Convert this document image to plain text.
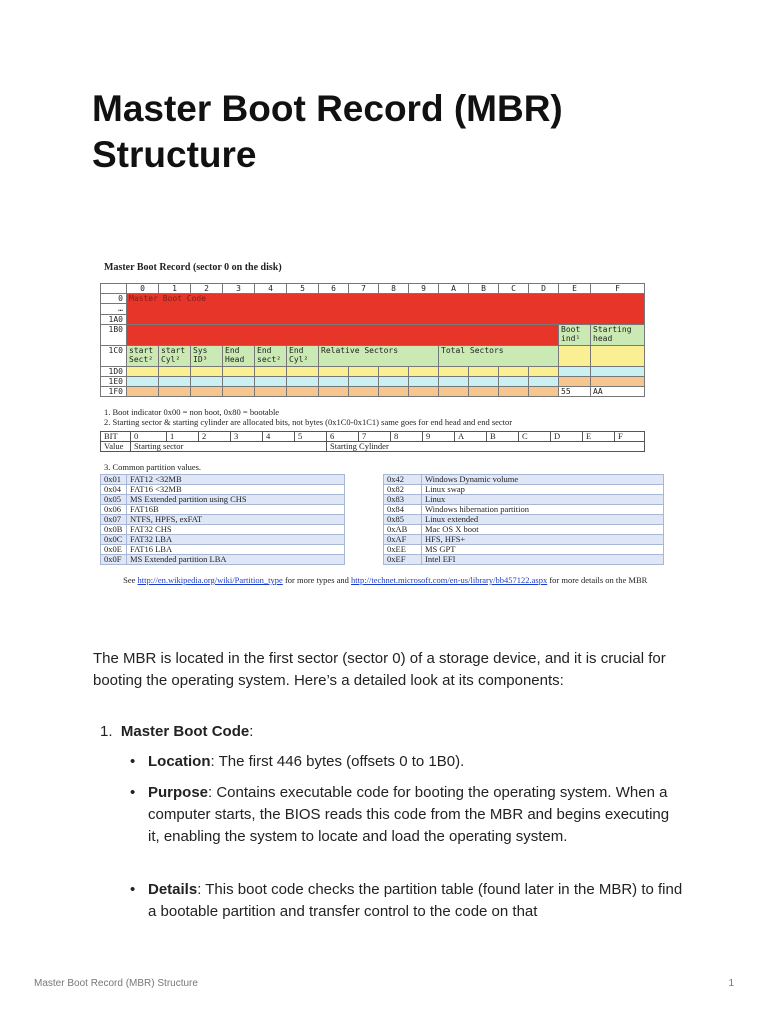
Master Boot Record (MBR) Structure
Master Boot Record (sector 0 on the disk)
	0	1	2	3	4	5	6	7	8	9	A	B	C	D	E	F
0	Master Boot Code															
…																
1A0																
1B0															Boot ind¹	Starting head
1C0	start Sect²	start Cyl²	Sys ID³	End Head	End sect²	End Cyl²	Relative Sectors				Total Sectors					
1D0																
1E0																
1F0															55	AA
1. Boot indicator 0x00 = non boot, 0x80 = bootable
2. Starting sector & starting cylinder are allocated bits, not bytes (0x1C0-0x1C1) same goes for end head and end sector
BIT	0	1	2	3	4	5	6	7	8	9	A	B	C	D	E	F
Value	Starting sector						Starting Cylinder									
3. Common partition values.
0x01	FAT12 <32MB
0x04	FAT16 <32MB
0x05	MS Extended partition using CHS
0x06	FAT16B
0x07	NTFS, HPFS, exFAT
0x0B	FAT32 CHS
0x0C	FAT32 LBA
0x0E	FAT16 LBA
0x0F	MS Extended partition LBA
0x42	Windows Dynamic volume
0x82	Linux swap
0x83	Linux
0x84	Windows hibernation partition
0x85	Linux extended
0xAB	Mac OS X boot
0xAF	HFS, HFS+
0xEE	MS GPT
0xEF	Intel EFI
See http://en.wikipedia.org/wiki/Partition_type for more types and http://technet.microsoft.com/en-us/library/bb457122.aspx for more details on the MBR

The MBR is located in the first sector (sector 0) of a storage device, and it is crucial for booting the operating system. Here’s a detailed look at its components:

1. Master Boot Code:
• Location: The first 446 bytes (offsets 0 to 1B0).
• Purpose: Contains executable code for booting the operating system. When a computer starts, the BIOS reads this code from the MBR and begins executing it, enabling the system to locate and load the operating system.
• Details: This boot code checks the partition table (found later in the MBR) to find a bootable partition and transfer control to the code on that
Master Boot Record (MBR) Structure	1
